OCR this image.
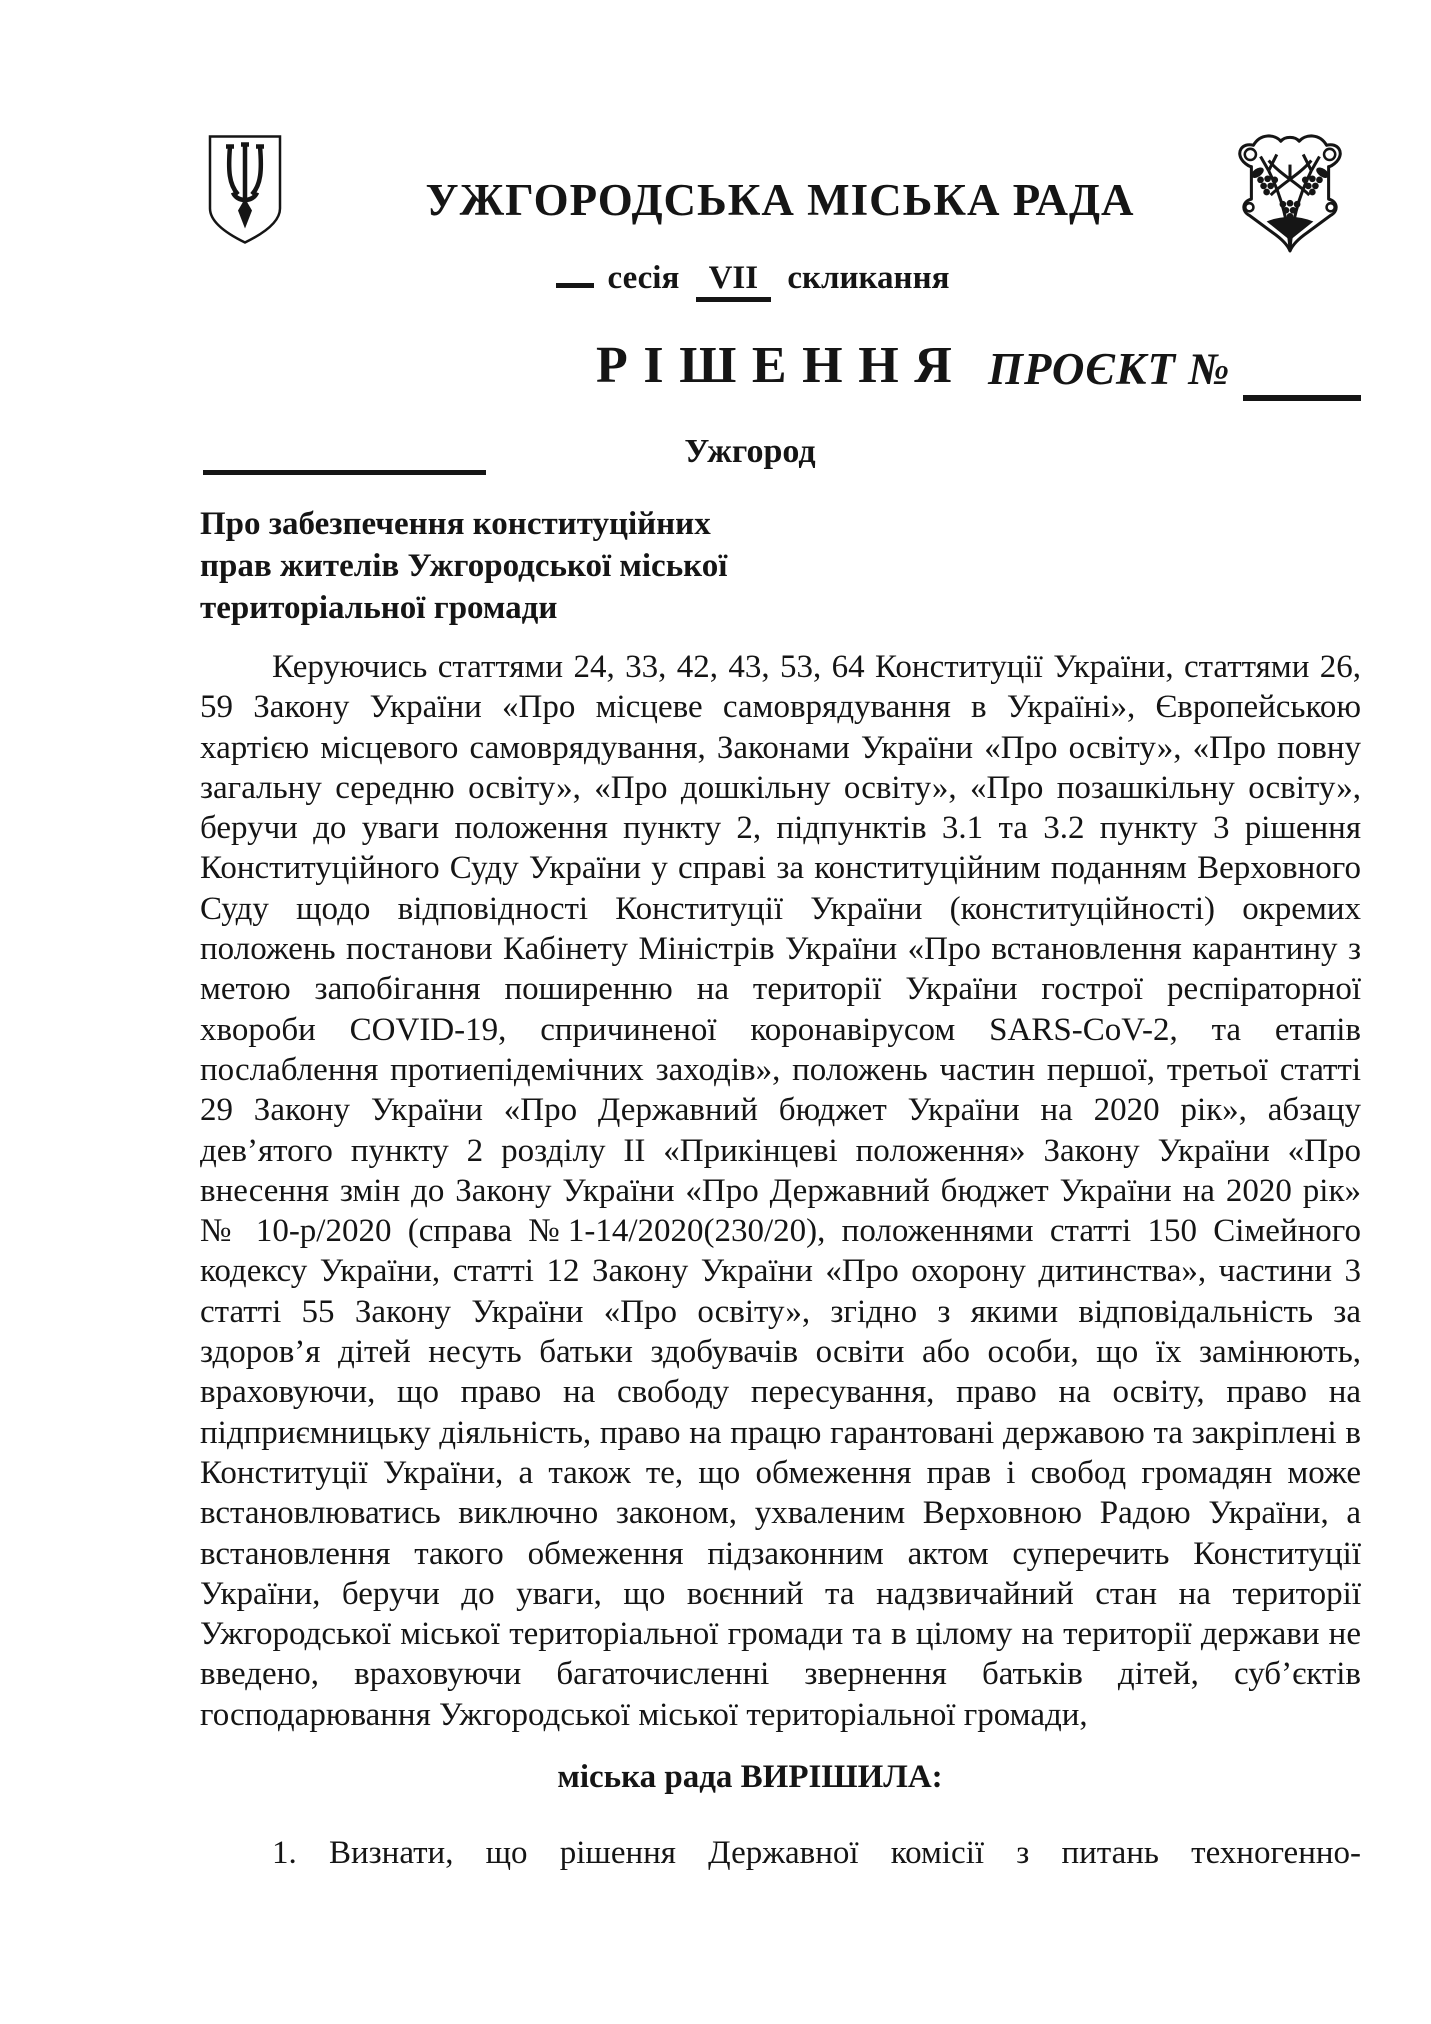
УЖГОРОДСЬКА МІСЬКА РАДА
сесія VII скликання
РІШЕННЯ ПРОЄКТ №
Ужгород
Про забезпечення конституційних
прав жителів Ужгородської міської
територіальної громади

Керуючись статтями 24, 33, 42, 43, 53, 64 Конституції України, статтями 26, 59 Закону України «Про місцеве самоврядування в Україні», Європейською хартією місцевого самоврядування, Законами України «Про освіту», «Про повну загальну середню освіту», «Про дошкільну освіту», «Про позашкільну освіту», беручи до уваги положення пункту 2, підпунктів 3.1 та 3.2 пункту 3 рішення Конституційного Суду України у справі за конституційним поданням Верховного Суду щодо відповідності Конституції України (конституційності) окремих положень постанови Кабінету Міністрів України «Про встановлення карантину з метою запобігання поширенню на території України гострої респіраторної хвороби COVID-19, спричиненої коронавірусом SARS-CoV-2, та етапів послаблення протиепідемічних заходів», положень частин першої, третьої статті 29 Закону України «Про Державний бюджет України на 2020 рік», абзацу дев’ятого пункту 2 розділу ІІ «Прикінцеві положення» Закону України «Про внесення змін до Закону України «Про Державний бюджет України на 2020 рік» № 10-р/2020 (справа №1-14/2020(230/20), положеннями статті 150 Сімейного кодексу України, статті 12 Закону України «Про охорону дитинства», частини 3 статті 55 Закону України «Про освіту», згідно з якими відповідальність за здоров’я дітей несуть батьки здобувачів освіти або особи, що їх замінюють, враховуючи, що право на свободу пересування, право на освіту, право на підприємницьку діяльність, право на працю гарантовані державою та закріплені в Конституції України, а також те, що обмеження прав і свобод громадян може встановлюватись виключно законом, ухваленим Верховною Радою України, а встановлення такого обмеження підзаконним актом суперечить Конституції України, беручи до уваги, що воєнний та надзвичайний стан на території Ужгородської міської територіальної громади та в цілому на території держави не введено, враховуючи багаточисленні звернення батьків дітей, суб’єктів господарювання Ужгородської міської територіальної громади,

міська рада ВИРІШИЛА:

1. Визнати, що рішення Державної комісії з питань техногенно-
